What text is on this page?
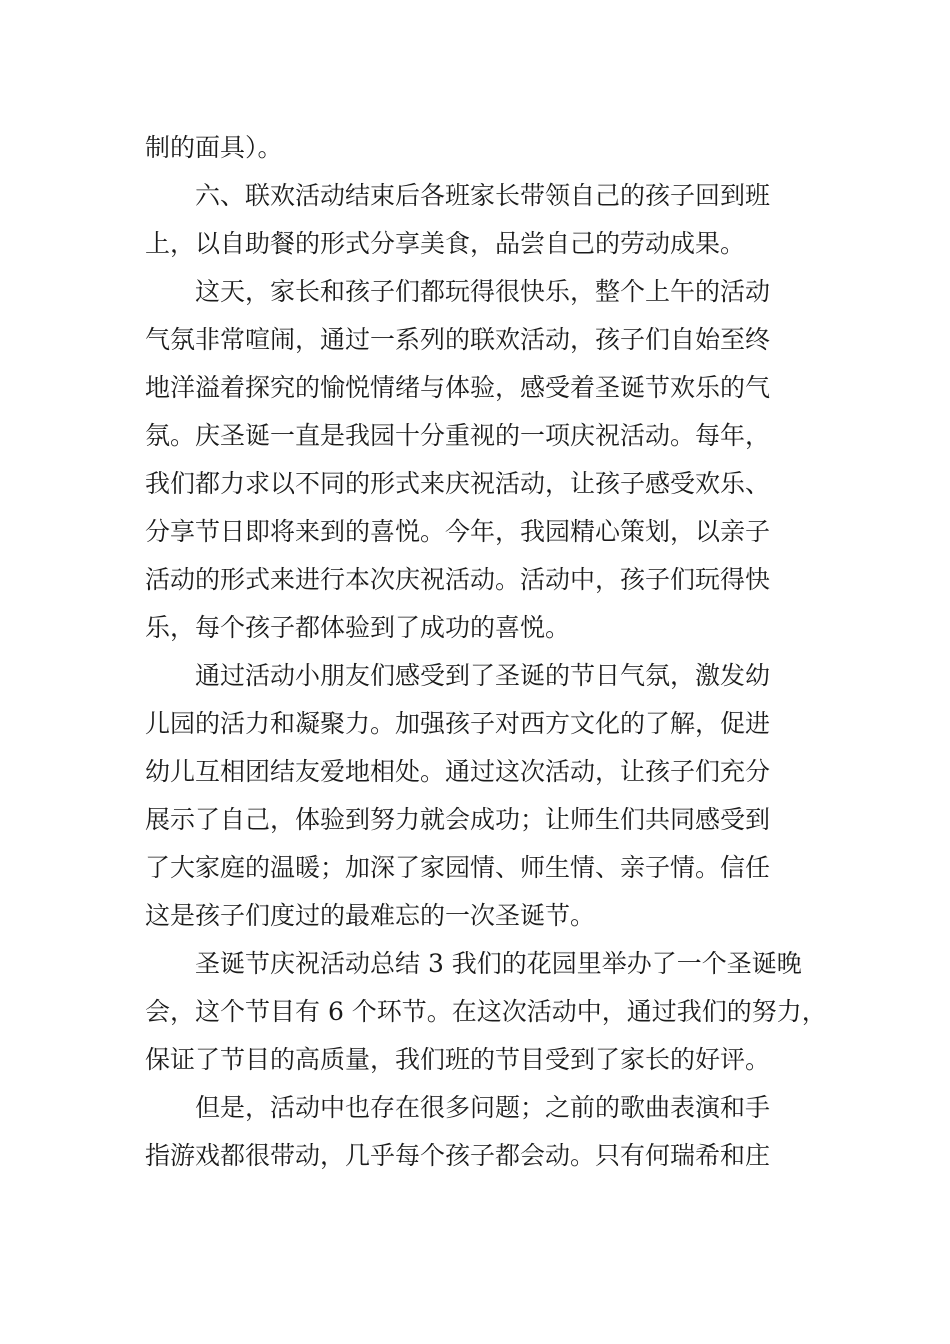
制的面具）。
　　六、联欢活动结束后各班家长带领自己的孩子回到班
上，以自助餐的形式分享美食，品尝自己的劳动成果。
　　这天，家长和孩子们都玩得很快乐，整个上午的活动
气氛非常喧闹，通过一系列的联欢活动，孩子们自始至终
地洋溢着探究的愉悦情绪与体验，感受着圣诞节欢乐的气
氛。庆圣诞一直是我园十分重视的一项庆祝活动。每年，
我们都力求以不同的形式来庆祝活动，让孩子感受欢乐、
分享节日即将来到的喜悦。今年，我园精心策划，以亲子
活动的形式来进行本次庆祝活动。活动中，孩子们玩得快
乐，每个孩子都体验到了成功的喜悦。
　　通过活动小朋友们感受到了圣诞的节日气氛，激发幼
儿园的活力和凝聚力。加强孩子对西方文化的了解，促进
幼儿互相团结友爱地相处。通过这次活动，让孩子们充分
展示了自己，体验到努力就会成功；让师生们共同感受到
了大家庭的温暖；加深了家园情、师生情、亲子情。信任
这是孩子们度过的最难忘的一次圣诞节。
　　圣诞节庆祝活动总结 3 我们的花园里举办了一个圣诞晚
会，这个节目有 6 个环节。在这次活动中，通过我们的努力，
保证了节目的高质量，我们班的节目受到了家长的好评。
　　但是，活动中也存在很多问题；之前的歌曲表演和手
指游戏都很带动，几乎每个孩子都会动。只有何瑞希和庄
